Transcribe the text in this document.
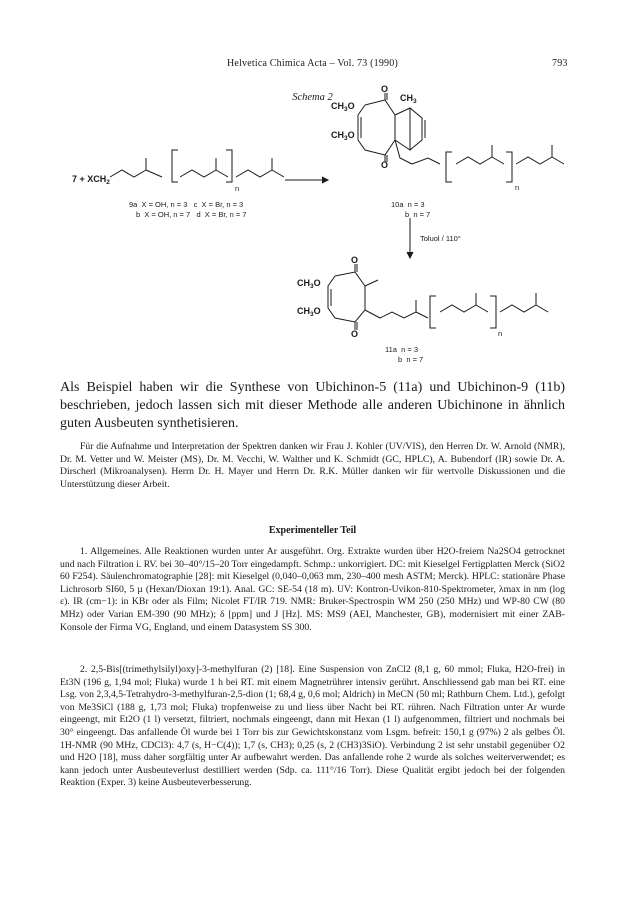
Helvetica Chimica Acta – Vol. 73 (1990)	793
Schema 2
$7 + XCH_2$
n
9a  X = OH, n = 3   c  X = Br, n = 3
b  X = OH, n = 7   d  X = Br, n = 7
$CH_3O$
$CH_3O$
$CH_3$
O
O
n
10a  n = 3
b  n = 7
Toluol / 110°
$CH_3O$
$CH_3O$
O
O	n
11a  n = 3
b  n = 7
Als Beispiel haben wir die Synthese von Ubichinon-5 (11a) und Ubichinon-9 (11b) beschrieben, jedoch lassen sich mit dieser Methode alle anderen Ubichinone in ähnlich guten Ausbeuten synthetisieren.
Für die Aufnahme und Interpretation der Spektren danken wir Frau J. Kohler (UV/VIS), den Herren Dr. W. Arnold (NMR), Dr. M. Vetter und W. Meister (MS), Dr. M. Vecchi, W. Walther und K. Schmidt (GC, HPLC), A. Bubendorf (IR) sowie Dr. A. Dirscherl (Mikroanalysen). Herrn Dr. H. Mayer und Herrn Dr. R.K. Müller danken wir für wertvolle Diskussionen und die Unterstützung dieser Arbeit.
Experimenteller Teil
1. Allgemeines. Alle Reaktionen wurden unter Ar ausgeführt. Org. Extrakte wurden über H2O-freiem Na2SO4 getrocknet und nach Filtration i. RV. bei 30–40°/15–20 Torr eingedampft. Schmp.: unkorrigiert. DC: mit Kieselgel Fertigplatten Merck (SiO2 60 F254). Säulenchromatographie [28]: mit Kieselgel (0,040–0,063 mm, 230–400 mesh ASTM; Merck). HPLC: stationäre Phase Lichrosorb SI60, 5 µ (Hexan/Dioxan 19:1). Anal. GC: SE-54 (18 m). UV: Kontron-Uvikon-810-Spektrometer, λmax in nm (log ε). IR (cm−1): in KBr oder als Film; Nicolet FT/IR 719. NMR: Bruker-Spectrospin WM 250 (250 MHz) und WP-80 CW (80 MHz) oder Varian EM-390 (90 MHz); δ [ppm] und J [Hz]. MS: MS9 (AEI, Manchester, GB), modernisiert mit einer ZAB-Konsole der Firma VG, England, und einem Datasystem SS 300.
2. 2,5-Bis[(trimethylsilyl)oxy]-3-methylfuran (2) [18]. Eine Suspension von ZnCl2 (8,1 g, 60 mmol; Fluka, H2O-frei) in Et3N (196 g, 1,94 mol; Fluka) wurde 1 h bei RT. mit einem Magnetrührer intensiv gerührt. Anschliessend gab man bei RT. eine Lsg. von 2,3,4,5-Tetrahydro-3-methylfuran-2,5-dion (1; 68,4 g, 0,6 mol; Aldrich) in MeCN (50 ml; Rathburn Chem. Ltd.), gefolgt von Me3SiCl (188 g, 1,73 mol; Fluka) tropfenweise zu und liess über Nacht bei RT. rühren. Nach Filtration unter Ar wurde eingeengt, mit Et2O (1 l) versetzt, filtriert, nochmals eingeengt, dann mit Hexan (1 l) aufgenommen, filtriert und nochmals bei 30° eingeengt. Das anfallende Öl wurde bei 1 Torr bis zur Gewichtskonstanz vom Lsgm. befreit: 150,1 g (97%) 2 als gelbes Öl. 1H-NMR (90 MHz, CDCl3): 4,7 (s, H−C(4)); 1,7 (s, CH3); 0,25 (s, 2 (CH3)3SiO). Verbindung 2 ist sehr unstabil gegenüber O2 und H2O [18], muss daher sorgfältig unter Ar aufbewahrt werden. Das anfallende rohe 2 wurde als solches weiterverwendet; es kann jedoch unter Ausbeuteverlust destilliert werden (Sdp. ca. 111°/16 Torr). Diese Qualität ergibt jedoch bei der folgenden Reaktion (Exper. 3) keine Ausbeuteverbesserung.
